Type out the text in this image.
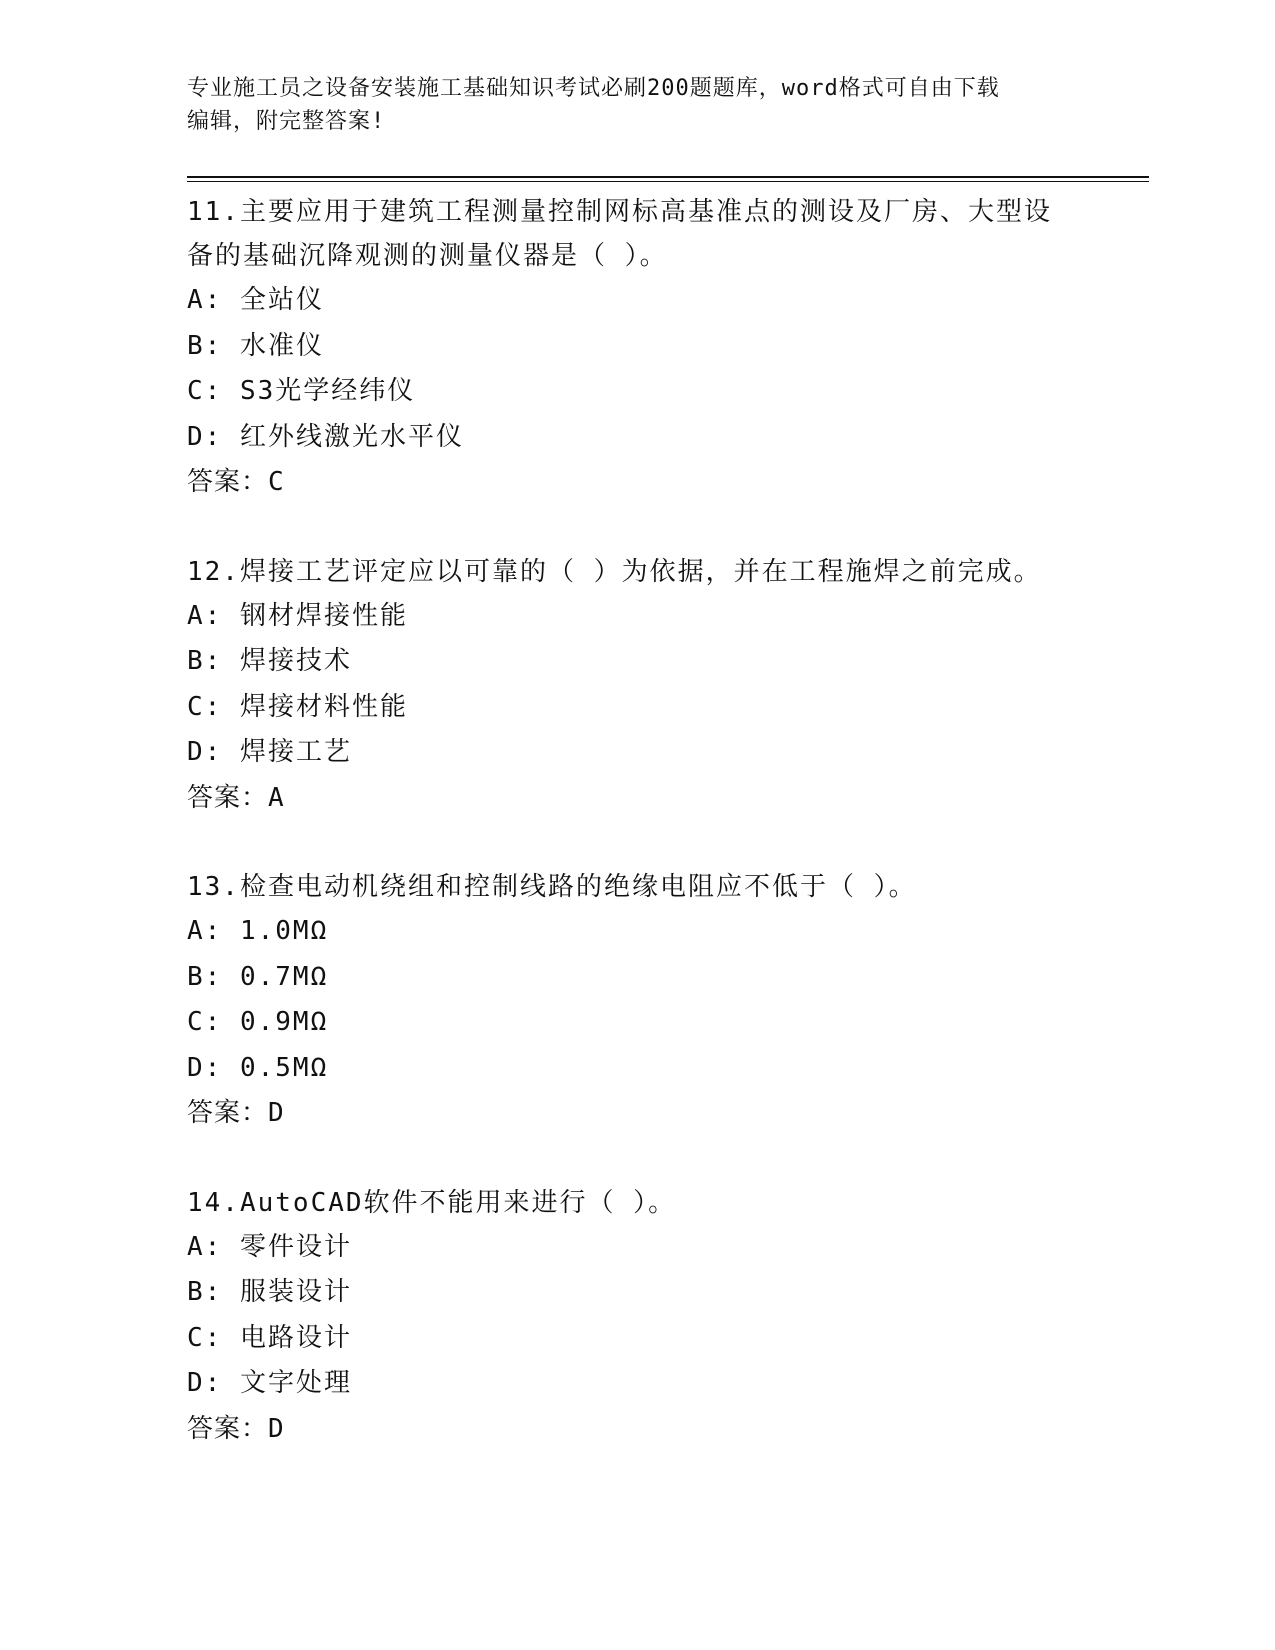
专业施工员之设备安装施工基础知识考试必刷200题题库，word格式可自由下载
编辑，附完整答案!
11.主要应用于建筑工程测量控制网标高基准点的测设及厂房、大型设
备的基础沉降观测的测量仪器是（ ）。
A: 全站仪
B: 水准仪
C: S3光学经纬仪
D: 红外线激光水平仪
答案：C
12.焊接工艺评定应以可靠的（ ）为依据，并在工程施焊之前完成。
A: 钢材焊接性能
B: 焊接技术
C: 焊接材料性能
D: 焊接工艺
答案：A
13.检查电动机绕组和控制线路的绝缘电阻应不低于（ ）。
A: 1.0MΩ
B: 0.7MΩ
C: 0.9MΩ
D: 0.5MΩ
答案：D
14.AutoCAD软件不能用来进行（ ）。
A: 零件设计
B: 服装设计
C: 电路设计
D: 文字处理
答案：D
